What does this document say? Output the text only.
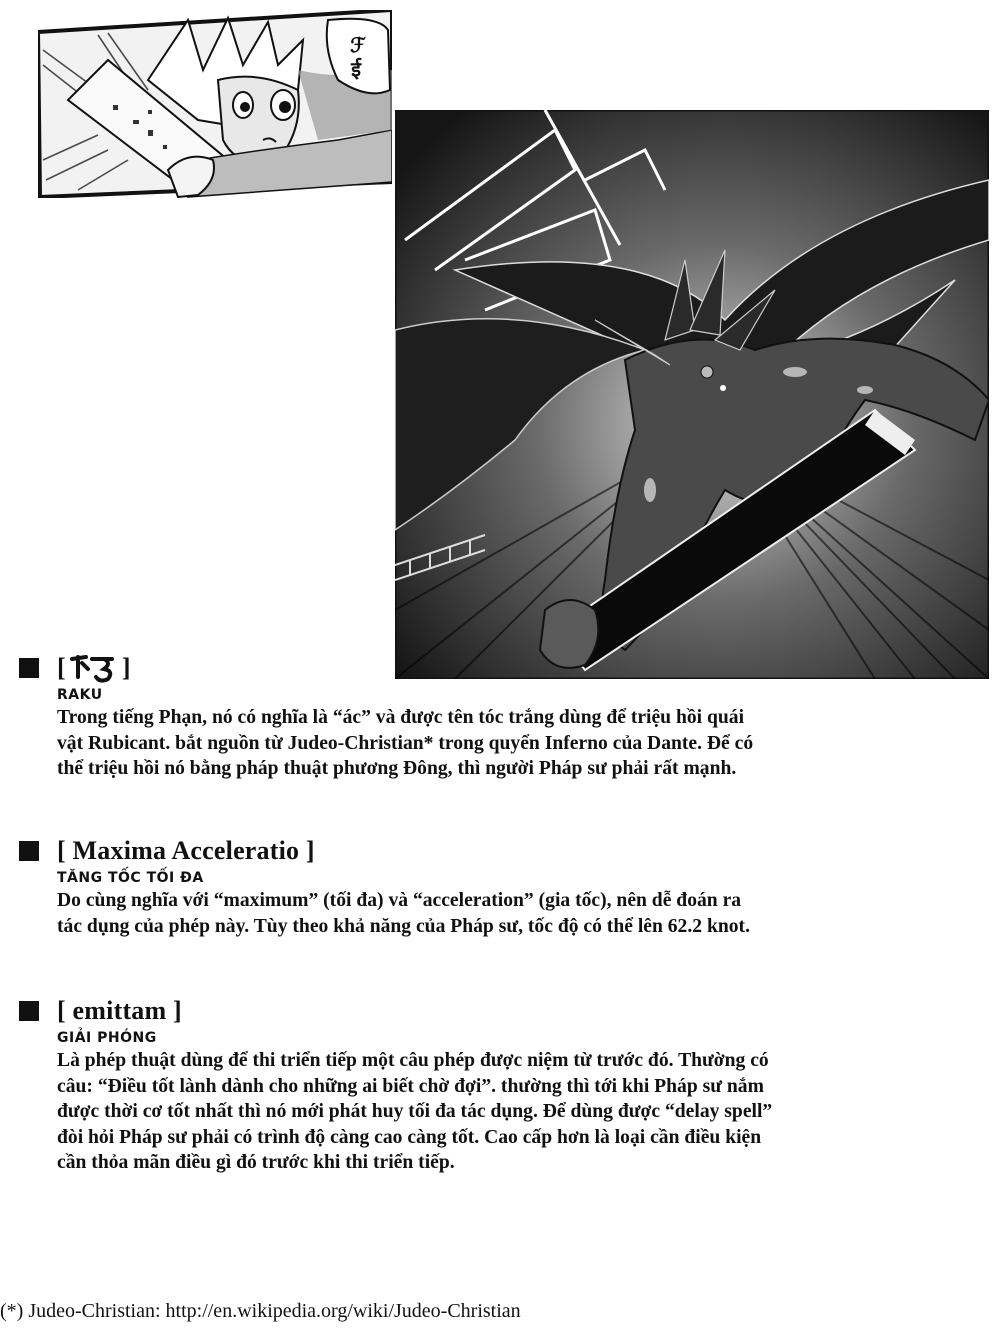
ℱ
ई
[ ]
RAKU
Trong tiếng Phạn, nó có nghĩa là “ác” và được tên tóc trắng dùng để triệu hồi quái
vật Rubicant. bắt nguồn từ Judeo-Christian* trong quyển Inferno của Dante. Để có
thể triệu hồi nó bằng pháp thuật phương Đông, thì người Pháp sư phải rất mạnh.
[ Maxima Acceleratio ]
TĂNG TỐC TỐI ĐA
Do cùng nghĩa với “maximum” (tối đa) và “acceleration” (gia tốc), nên dễ đoán ra
tác dụng của phép này. Tùy theo khả năng của Pháp sư, tốc độ có thể lên 62.2 knot.
[ emittam ]
GIẢI PHÓNG
Là phép thuật dùng để thi triển tiếp một câu phép được niệm từ trước đó. Thường có
câu: “Điều tốt lành dành cho những ai biết chờ đợi”. thường thì tới khi Pháp sư nắm
được thời cơ tốt nhất thì nó mới phát huy tối đa tác dụng. Để dùng được “delay spell”
đòi hỏi Pháp sư phải có trình độ càng cao càng tốt. Cao cấp hơn là loại cần điều kiện
cần thỏa mãn điều gì đó trước khi thi triển tiếp.
(*) Judeo-Christian: http://en.wikipedia.org/wiki/Judeo-Christian
